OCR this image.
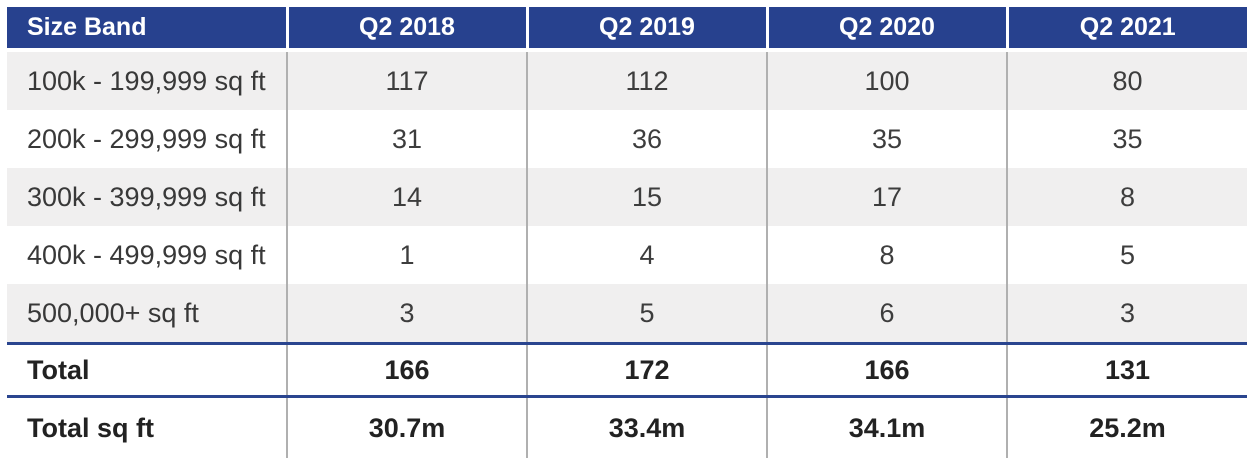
Size Band	Q2 2018	Q2 2019	Q2 2020	Q2 2021
100k - 199,999 sq ft	117	112	100	80
200k - 299,999 sq ft	31	36	35	35
300k - 399,999 sq ft	14	15	17	8
400k - 499,999 sq ft	1	4	8	5
500,000+ sq ft	3	5	6	3
Total	166	172	166	131
Total sq ft	30.7m	33.4m	34.1m	25.2m
